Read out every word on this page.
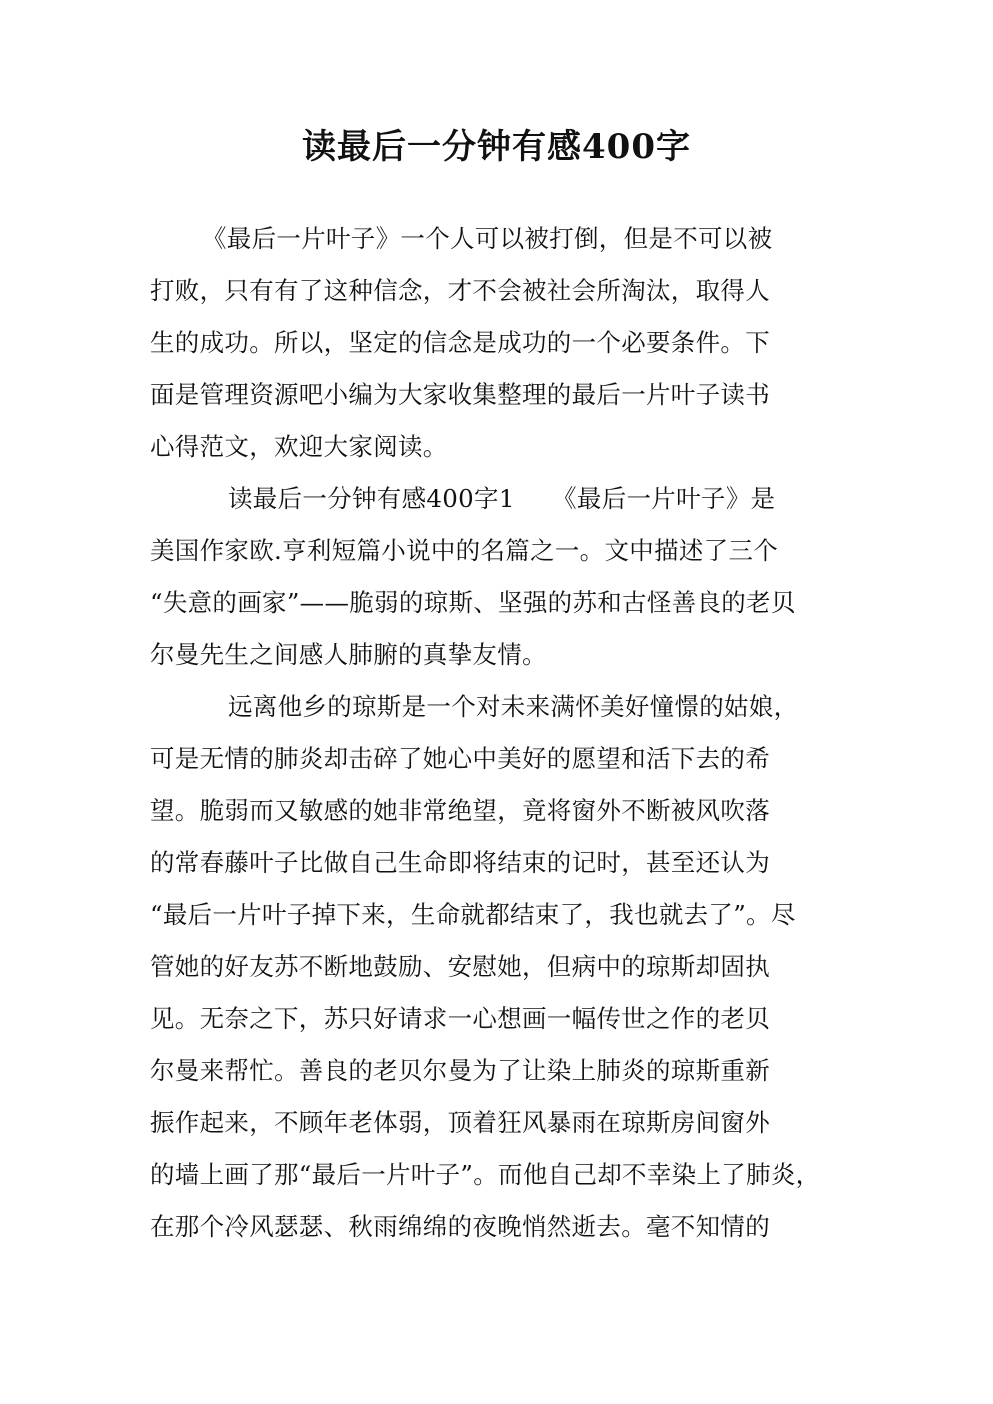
读最后一分钟有感400字
《最后一片叶子》一个人可以被打倒，但是不可以被
打败，只有有了这种信念，才不会被社会所淘汰，取得人
生的成功。所以，坚定的信念是成功的一个必要条件。下
面是管理资源吧小编为大家收集整理的最后一片叶子读书
心得范文，欢迎大家阅读。
读最后一分钟有感400字1　　《最后一片叶子》是
美国作家欧.亨利短篇小说中的名篇之一。文中描述了三个
“失意的画家”——脆弱的琼斯、坚强的苏和古怪善良的老贝
尔曼先生之间感人肺腑的真挚友情。
远离他乡的琼斯是一个对未来满怀美好憧憬的姑娘，
可是无情的肺炎却击碎了她心中美好的愿望和活下去的希
望。脆弱而又敏感的她非常绝望，竟将窗外不断被风吹落
的常春藤叶子比做自己生命即将结束的记时，甚至还认为
“最后一片叶子掉下来，生命就都结束了，我也就去了”。尽
管她的好友苏不断地鼓励、安慰她，但病中的琼斯却固执
见。无奈之下，苏只好请求一心想画一幅传世之作的老贝
尔曼来帮忙。善良的老贝尔曼为了让染上肺炎的琼斯重新
振作起来，不顾年老体弱，顶着狂风暴雨在琼斯房间窗外
的墙上画了那“最后一片叶子”。而他自己却不幸染上了肺炎，
在那个冷风瑟瑟、秋雨绵绵的夜晚悄然逝去。毫不知情的
